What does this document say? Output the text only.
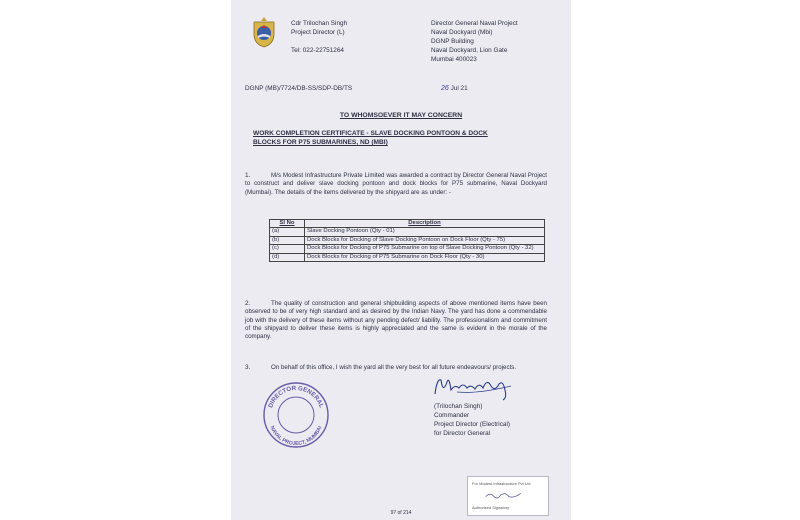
Cdr Trilochan Singh
Project Director (L)
Tel: 022-22751264
Director General Naval Project
Naval Dockyard (Mbi)
DGNP Building
Naval Dockyard, Lion Gate
Mumbai 400023
DGNP (MB)/7724/DB-SS/SDP-DB/TS	26 Jul 21
TO WHOMSOEVER IT MAY CONCERN
WORK COMPLETION CERTIFICATE - SLAVE DOCKING PONTOON & DOCK
BLOCKS FOR P75 SUBMARINES, ND (MBI)
1.	M/s Modest Infrastructure Private Limited was awarded a contract by Director General Naval Project to construct and deliver slave docking pontoon and dock blocks for P75 submarine, Naval Dockyard (Mumbai). The details of the items delivered by the shipyard are as under: -
Sl No	Description
(a)	Slave Docking Pontoon (Qty - 01)
(b)	Dock Blocks for Docking of Slave Docking Pontoon on Dock Floor (Qty - 75)
(c)	Dock Blocks for Docking of P75 Submarine on top of Slave Docking Pontoon (Qty - 32)
(d)	Dock Blocks for Docking of P75 Submarine on Dock Floor (Qty - 30)
2.	The quality of construction and general shipbuilding aspects of above mentioned items have been observed to be of very high standard and as desired by the Indian Navy. The yard has done a commendable job with the delivery of these items without any pending defect/ liability. The professionalism and commitment of the shipyard to deliver these items is highly appreciated and the same is evident in the morale of the company.
3.	On behalf of this office, I wish the yard all the very best for all future endeavours/ projects.
(Trilochan Singh)
Commander
Project Director (Electrical)
for Director General
DIRECTOR GENERAL
NAVAL PROJECT, MUMBAI
For Modest Infrastructure Pvt Ltd
Authorised Signatory
97 of 214
